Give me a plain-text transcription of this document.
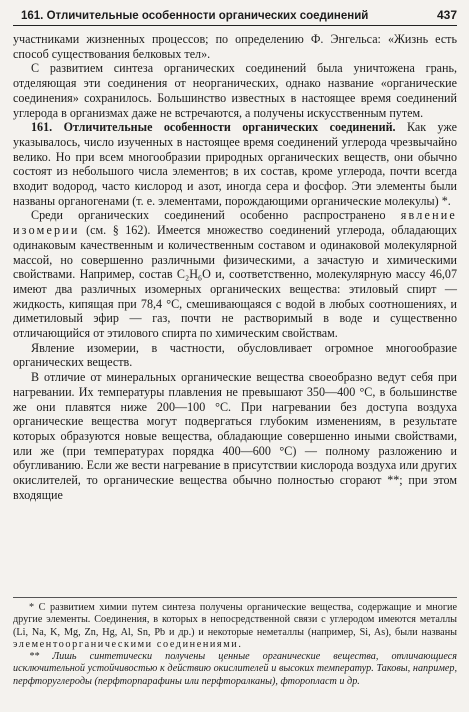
161. Отличительные особенности органических соединений	437

участниками жизненных процессов; по определению Ф. Энгельса: «Жизнь есть способ существования белковых тел».

С развитием синтеза органических соединений была уничтожена грань, отделяющая эти соединения от неорганических, однако название «органические соединения» сохранилось. Большинство известных в настоящее время соединений углерода в организмах даже не встречаются, а получены искусственным путем.

161. Отличительные особенности органических соединений. Как уже указывалось, число изученных в настоящее время соединений углерода чрезвычайно велико. Но при всем многообразии природных органических веществ, они обычно состоят из небольшого числа элементов; в их состав, кроме углерода, почти всегда входит водород, часто кислород и азот, иногда сера и фосфор. Эти элементы были названы органогенами (т. е. элементами, порождающими органические молекулы) *.

Среди органических соединений особенно распространено явление изомерии (см. § 162). Имеется множество соединений углерода, обладающих одинаковым качественным и количественным составом и одинаковой молекулярной массой, но совершенно различными физическими, а зачастую и химическими свойствами. Например, состав C₂H₆O и, соответственно, молекулярную массу 46,07 имеют два различных изомерных органических вещества: этиловый спирт — жидкость, кипящая при 78,4 °C, смешивающаяся с водой в любых соотношениях, и диметиловый эфир — газ, почти не растворимый в воде и существенно отличающийся от этилового спирта по химическим свойствам.

Явление изомерии, в частности, обусловливает огромное многообразие органических веществ.

В отличие от минеральных органические вещества своеобразно ведут себя при нагревании. Их температуры плавления не превышают 350—400 °C, в большинстве же они плавятся ниже 200—100 °C. При нагревании без доступа воздуха органические вещества могут подвергаться глубоким изменениям, в результате которых образуются новые вещества, обладающие совершенно иными свойствами, или же (при температурах порядка 400—600 °C) — полному разложению и обугливанию. Если же вести нагревание в присутствии кислорода воздуха или других окислителей, то органические вещества обычно полностью сгорают **; при этом входящие

* С развитием химии путем синтеза получены органические вещества, содержащие и многие другие элементы. Соединения, в которых в непосредственной связи с углеродом имеются металлы (Li, Na, K, Mg, Zn, Hg, Al, Sn, Pb и др.) и некоторые неметаллы (например, Si, As), были названы элементоорганическими соединениями.

** Лишь синтетически получены ценные органические вещества, отличающиеся исключительной устойчивостью к действию окислителей и высоких температур. Таковы, например, перфторуглероды (перфторпарафины или перфторалканы), фторопласт и др.
